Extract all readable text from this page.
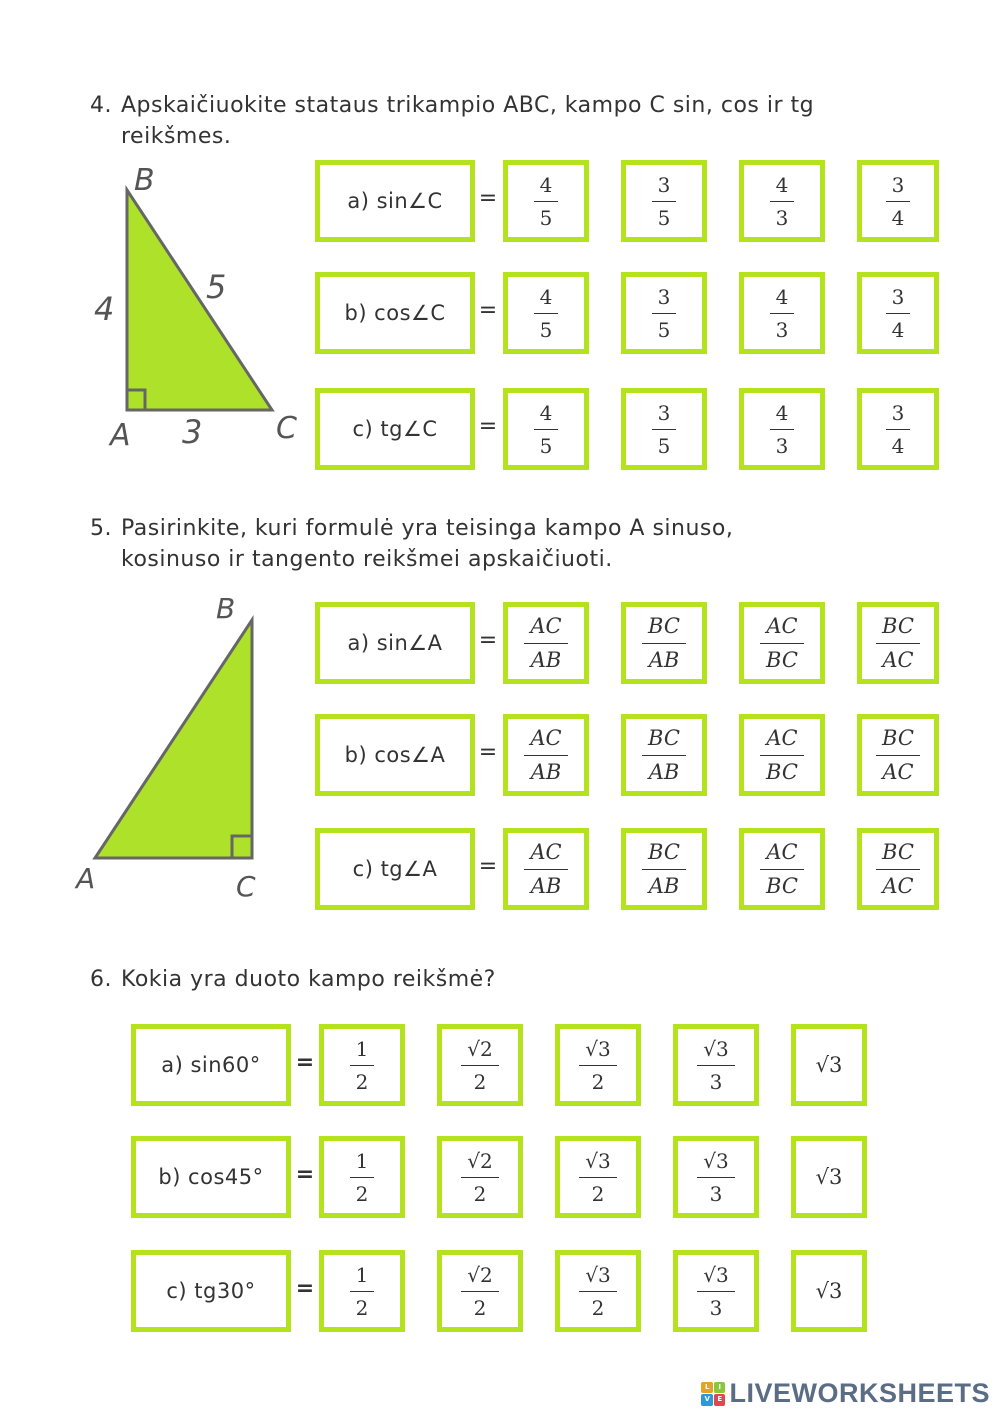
4. Apskaičiuokite stataus trikampio ABC, kampo C sin, cos ir tg
reikšmes.
B
A	C
4
5
3
a) sin∠C = $\frac{4}{5}$	$\frac{3}{5}$	$\frac{4}{3}$	$\frac{3}{4}$
b) cos∠C = $\frac{4}{5}$	$\frac{3}{5}$	$\frac{4}{3}$	$\frac{3}{4}$
c) tg∠C = $\frac{4}{5}$	$\frac{3}{5}$	$\frac{4}{3}$	$\frac{3}{4}$
5. Pasirinkite, kuri formulė yra teisinga kampo A sinuso,
kosinuso ir tangento reikšmei apskaičiuoti.
B
A	C
a) sin∠A = $\frac{AC}{AB}$	$\frac{BC}{AB}$	$\frac{AC}{BC}$	$\frac{BC}{AC}$
b) cos∠A = $\frac{AC}{AB}$	$\frac{BC}{AB}$	$\frac{AC}{BC}$	$\frac{BC}{AC}$
c) tg∠A = $\frac{AC}{AB}$	$\frac{BC}{AB}$	$\frac{AC}{BC}$	$\frac{BC}{AC}$
6. Kokia yra duoto kampo reikšmė?
a) $\sin 60^\circ = \frac{1}{2}$	$\frac{√2}{2}$	$\frac{√3}{2}$	$\frac{√3}{3}$	√3
b) $\cos 45^\circ = \frac{1}{2}$	$\frac{√2}{2}$	$\frac{√3}{2}$	$\frac{√3}{3}$	√3
c) $tg30^\circ = \frac{1}{2}$	$\frac{√2}{2}$	$\frac{√3}{2}$	$\frac{√3}{3}$	√3
L	I
V	E LIVEWORKSHEETS
